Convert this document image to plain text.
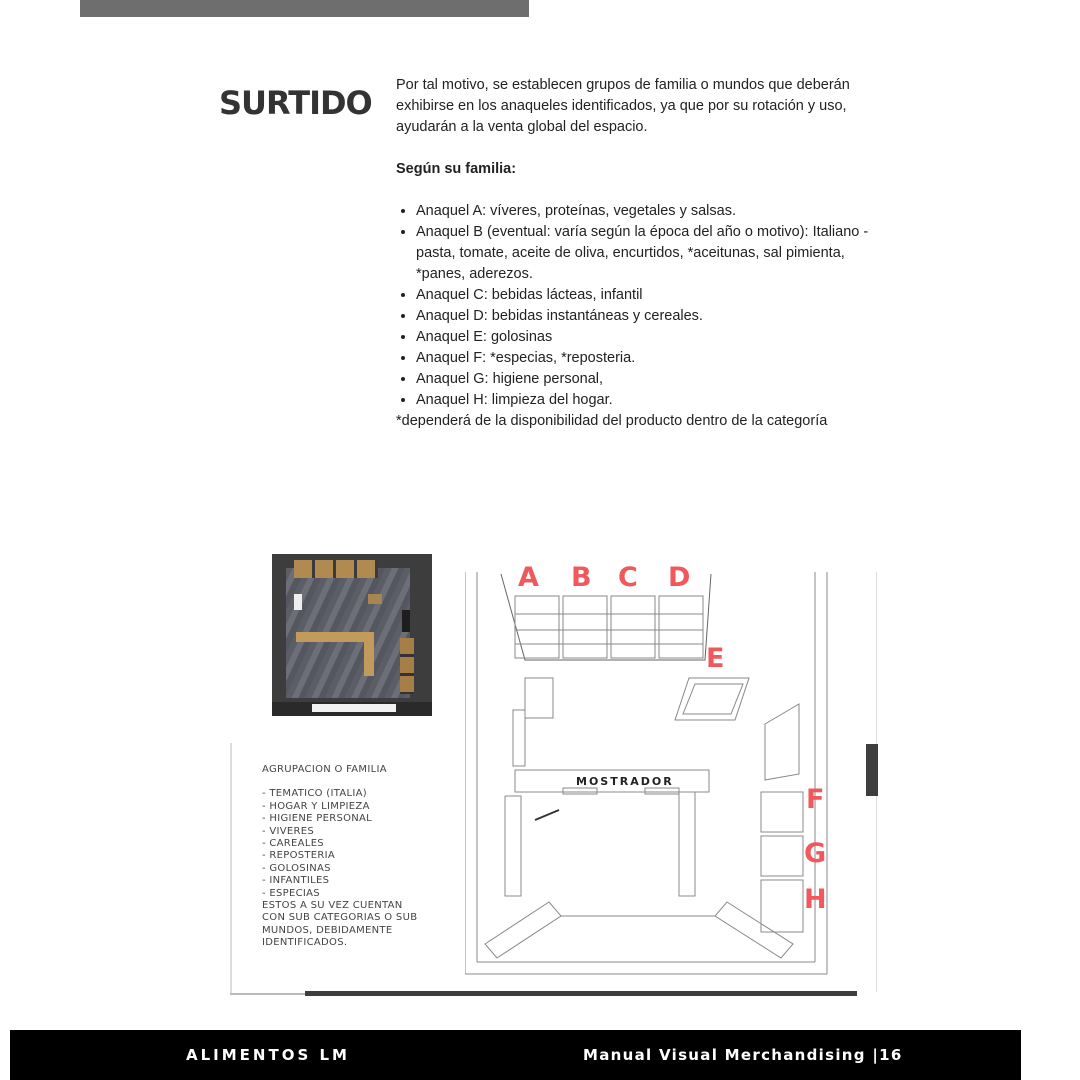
SURTIDO Por tal motivo, se establecen grupos de familia o mundos que deberán exhibirse en los anaqueles identificados, ya que por su rotación y uso, ayudarán a la venta global del espacio.

Según su familia:

• Anaquel A: víveres, proteínas, vegetales y salsas.
• Anaquel B (eventual: varía según la época del año o motivo): Italiano - pasta, tomate, aceite de oliva, encurtidos, *aceitunas, sal pimienta, *panes, aderezos.
• Anaquel C: bebidas lácteas, infantil
• Anaquel D: bebidas instantáneas y cereales.
• Anaquel E: golosinas
• Anaquel F: *especias, *reposteria.
• Anaquel G: higiene personal,
• Anaquel H: limpieza del hogar.

*dependerá de la disponibilidad del producto dentro de la categoría

AGRUPACION O FAMILIA
- TEMATICO (ITALIA)
- HOGAR Y LIMPIEZA
- HIGIENE PERSONAL
- VIVERES
- CAREALES
- REPOSTERIA
- GOLOSINAS
- INFANTILES
- ESPECIAS
ESTOS A SU VEZ CUENTAN
CON SUB CATEGORIAS O SUB
MUNDOS, DEBIDAMENTE
IDENTIFICADOS.
A B C D
E
F
G
H
MOSTRADOR
ALIMENTOS LM	Manual Visual Merchandising |16
